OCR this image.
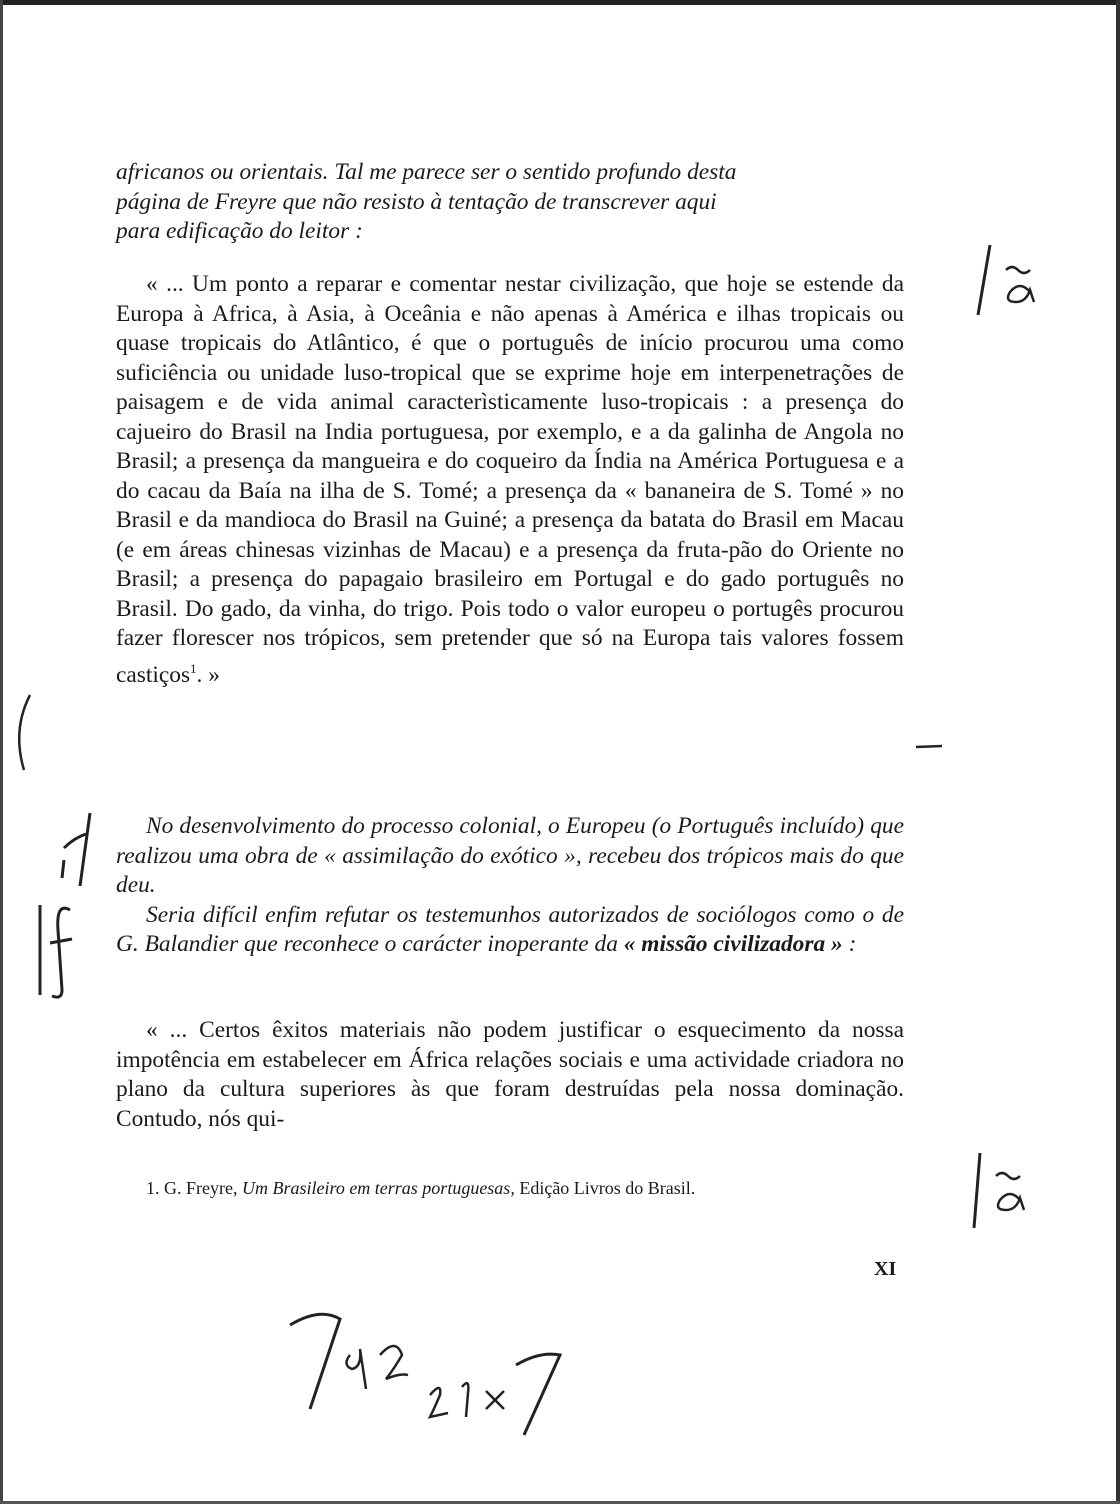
africanos ou orientais. Tal me parece ser o sentido profundo desta

página de Freyre que não resisto à tentação de transcrever aqui

para edificação do leitor :

« ... Um ponto a reparar e comentar nestar civilização, que hoje se estende da Europa à Africa, à Asia, à Oceânia e não apenas à América e ilhas tropicais ou quase tropicais do Atlântico, é que o português de início procurou uma como suficiência ou unidade luso-tropical que se exprime hoje em interpenetrações de paisagem e de vida animal caracterìsticamente luso-tropicais : a presença do cajueiro do Brasil na India portuguesa, por exemplo, e a da galinha de Angola no Brasil; a presença da mangueira e do coqueiro da Índia na América Portuguesa e a do cacau da Baía na ilha de S. Tomé; a presença da « bananeira de S. Tomé » no Brasil e da mandioca do Brasil na Guiné; a presença da batata do Brasil em Macau (e em áreas chinesas vizinhas de Macau) e a presença da fruta-pão do Oriente no Brasil; a presença do papagaio brasileiro em Portugal e do gado português no Brasil. Do gado, da vinha, do trigo. Pois todo o valor europeu o portugês procurou fazer florescer nos trópicos, sem pretender que só na Europa tais valores fossem castiços$^1$. »

No desenvolvimento do processo colonial, o Europeu (o Português incluído) que realizou uma obra de « assimilação do exótico », recebeu dos trópicos mais do que deu.

Seria difícil enfim refutar os testemunhos autorizados de sociólogos como o de G. Balandier que reconhece o carácter inoperante da « missão civilizadora » :

« ... Certos êxitos materiais não podem justificar o esquecimento da nossa impotência em estabelecer em África relações sociais e uma actividade criadora no plano da cultura superiores às que foram destruídas pela nossa dominação. Contudo, nós qui-

1. G. Freyre, Um Brasileiro em terras portuguesas, Edição Livros do Brasil.

XI
